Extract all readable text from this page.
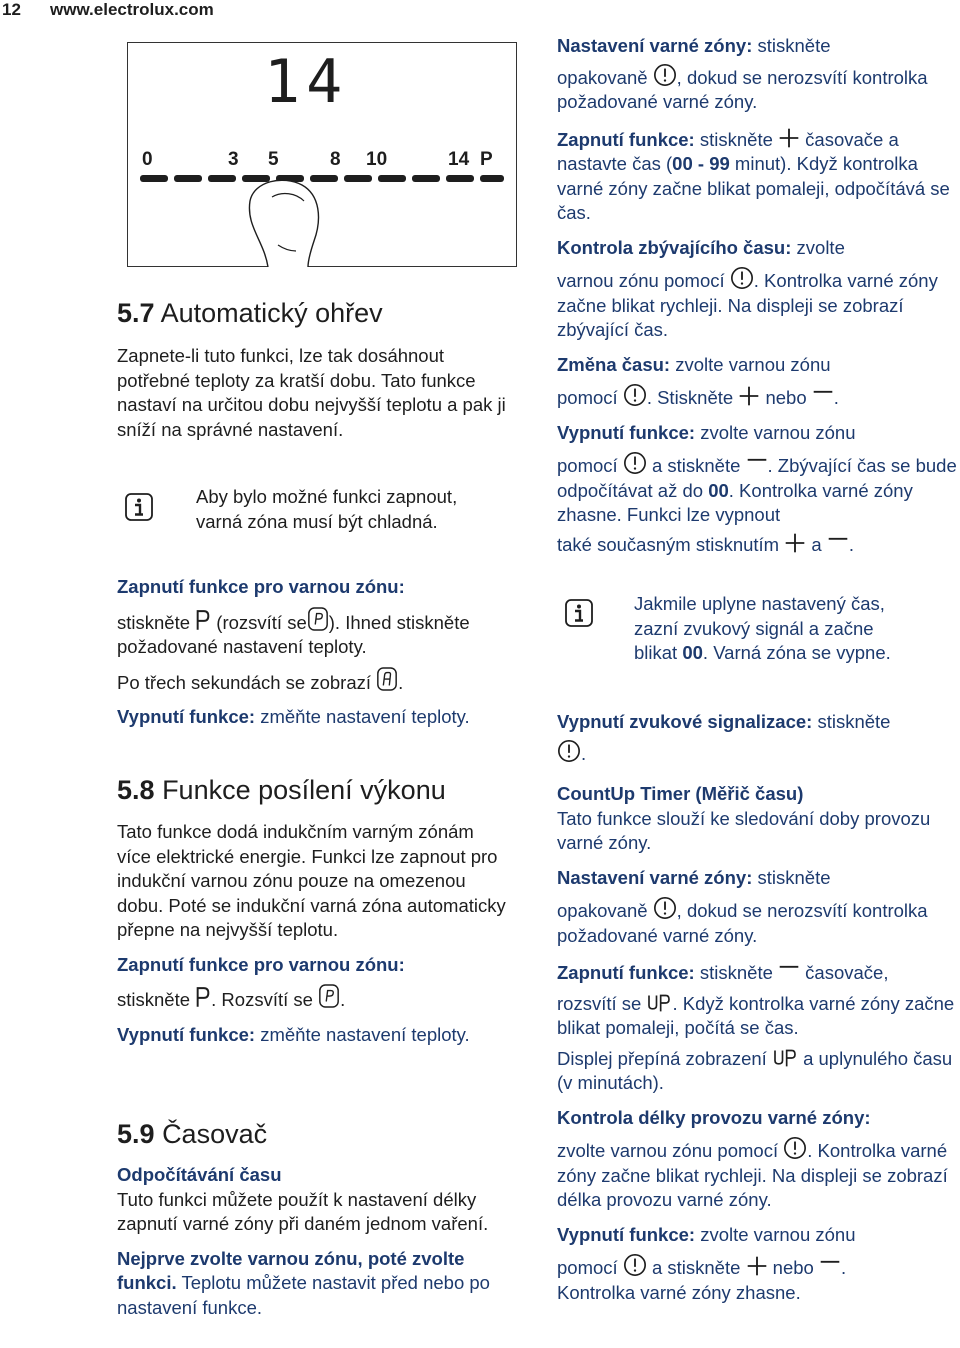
12 www.electrolux.com
14
0	3 5	8 10	14 P
5.7 Automatický ohřev

Zapnete-li tuto funkci, lze tak dosáhnout potřebné teploty za kratší dobu. Tato funkce nastaví na určitou dobu nejvyšší teplotu a pak ji sníží na správné nastavení.

Aby bylo možné funkci zapnout, varná zóna musí být chladná.

Zapnutí funkce pro varnou zónu:

stiskněte (rozsvítí se ). Ihned stiskněte požadované nastavení teploty.

Po třech sekundách se zobrazí .

Vypnutí funkce: změňte nastavení teploty.

5.8 Funkce posílení výkonu

Tato funkce dodá indukčním varným zónám více elektrické energie. Funkci lze zapnout pro indukční varnou zónu pouze na omezenou dobu. Poté se indukční varná zóna automaticky přepne na nejvyšší teplotu.

Zapnutí funkce pro varnou zónu:

stiskněte . Rozsvítí se .

Vypnutí funkce: změňte nastavení teploty.

5.9 Časovač

Odpočítávání času

Tuto funkci můžete použít k nastavení délky zapnutí varné zóny při daném jednom vaření.

Nejprve zvolte varnou zónu, poté zvolte funkci. Teplotu můžete nastavit před nebo po nastavení funkce.

Nastavení varné zóny: stiskněte

opakovaně , dokud se nerozsvítí kontrolka požadované varné zóny.

Zapnutí funkce: stiskněte časovače a nastavte čas (00 - 99 minut). Když kontrolka varné zóny začne blikat pomaleji, odpočítává se čas.

Kontrola zbývajícího času: zvolte

varnou zónu pomocí . Kontrolka varné zóny začne blikat rychleji. Na displeji se zobrazí zbývající čas.

Změna času: zvolte varnou zónu

pomocí . Stiskněte nebo .

Vypnutí funkce: zvolte varnou zónu

pomocí a stiskněte . Zbývající čas se bude odpočítávat až do 00. Kontrolka varné zóny zhasne. Funkci lze vypnout

také současným stisknutím a .

Jakmile uplyne nastavený čas, zazní zvukový signál a začne blikat 00. Varná zóna se vypne.

Vypnutí zvukové signalizace: stiskněte

.

CountUp Timer (Měřič času)

Tato funkce slouží ke sledování doby provozu varné zóny.

Nastavení varné zóny: stiskněte

opakovaně , dokud se nerozsvítí kontrolka požadované varné zóny.

Zapnutí funkce: stiskněte časovače,

rozsvítí se . Když kontrolka varné zóny začne blikat pomaleji, počítá se čas.

Displej přepíná zobrazení a uplynulého času (v minutách).

Kontrola délky provozu varné zóny:

zvolte varnou zónu pomocí . Kontrolka varné zóny začne blikat rychleji. Na displeji se zobrazí délka provozu varné zóny.

Vypnutí funkce: zvolte varnou zónu

pomocí a stiskněte nebo .

Kontrolka varné zóny zhasne.
